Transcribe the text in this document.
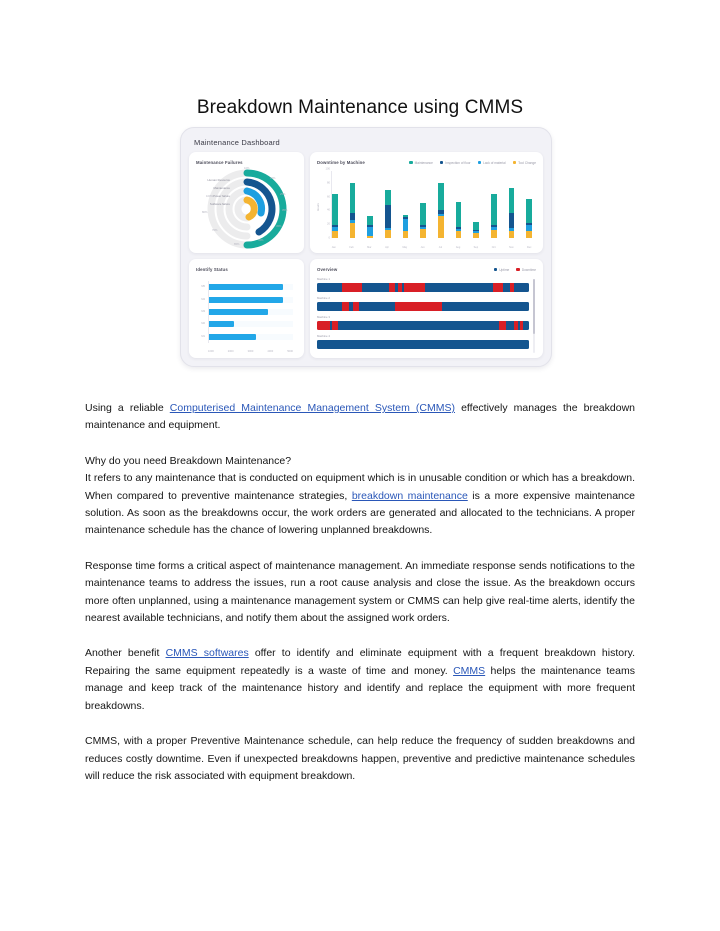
Breakdown Maintenance using CMMS
Maintenance Dashboard
Maintenance Failures
Human Resource
Maintenance
Power failure
Software failure
10%
15%
25%
35%
45%
55%
65%
70%
80%
100%
Downtime by Machine	Maintenance	Inspection of floor	Lack of material	Tool Change
Hours
0
20
40
60
80
100
Jan	Feb	Mar	Apr	May	Jun	Jul	Aug	Sep	Oct	Nov	Dec
Identify Status
M5
M4
M3
M2
M1
1000	2000	3000	4000	5000
Overview	Uptime	Downtime
Machine 1
Machine 2
Machine 3
Machine 4

Using a reliable Computerised Maintenance Management System (CMMS) effectively manages the breakdown maintenance and equipment.

Why do you need Breakdown Maintenance?
It refers to any maintenance that is conducted on equipment which is in unusable condition or which has a breakdown. When compared to preventive maintenance strategies, breakdown maintenance is a more expensive maintenance solution. As soon as the breakdowns occur, the work orders are generated and allocated to the technicians. A proper maintenance schedule has the chance of lowering unplanned breakdowns.

Response time forms a critical aspect of maintenance management. An immediate response sends notifications to the maintenance teams to address the issues, run a root cause analysis and close the issue. As the breakdown occurs more often unplanned, using a maintenance management system or CMMS can help give real-time alerts, identify the nearest available technicians, and notify them about the assigned work orders.

Another benefit CMMS softwares offer to identify and eliminate equipment with a frequent breakdown history. Repairing the same equipment repeatedly is a waste of time and money. CMMS helps the maintenance teams manage and keep track of the maintenance history and identify and replace the equipment with more frequent breakdowns.

CMMS, with a proper Preventive Maintenance schedule, can help reduce the frequency of sudden breakdowns and reduces costly downtime. Even if unexpected breakdowns happen, preventive and predictive maintenance schedules will reduce the risk associated with equipment breakdown.
